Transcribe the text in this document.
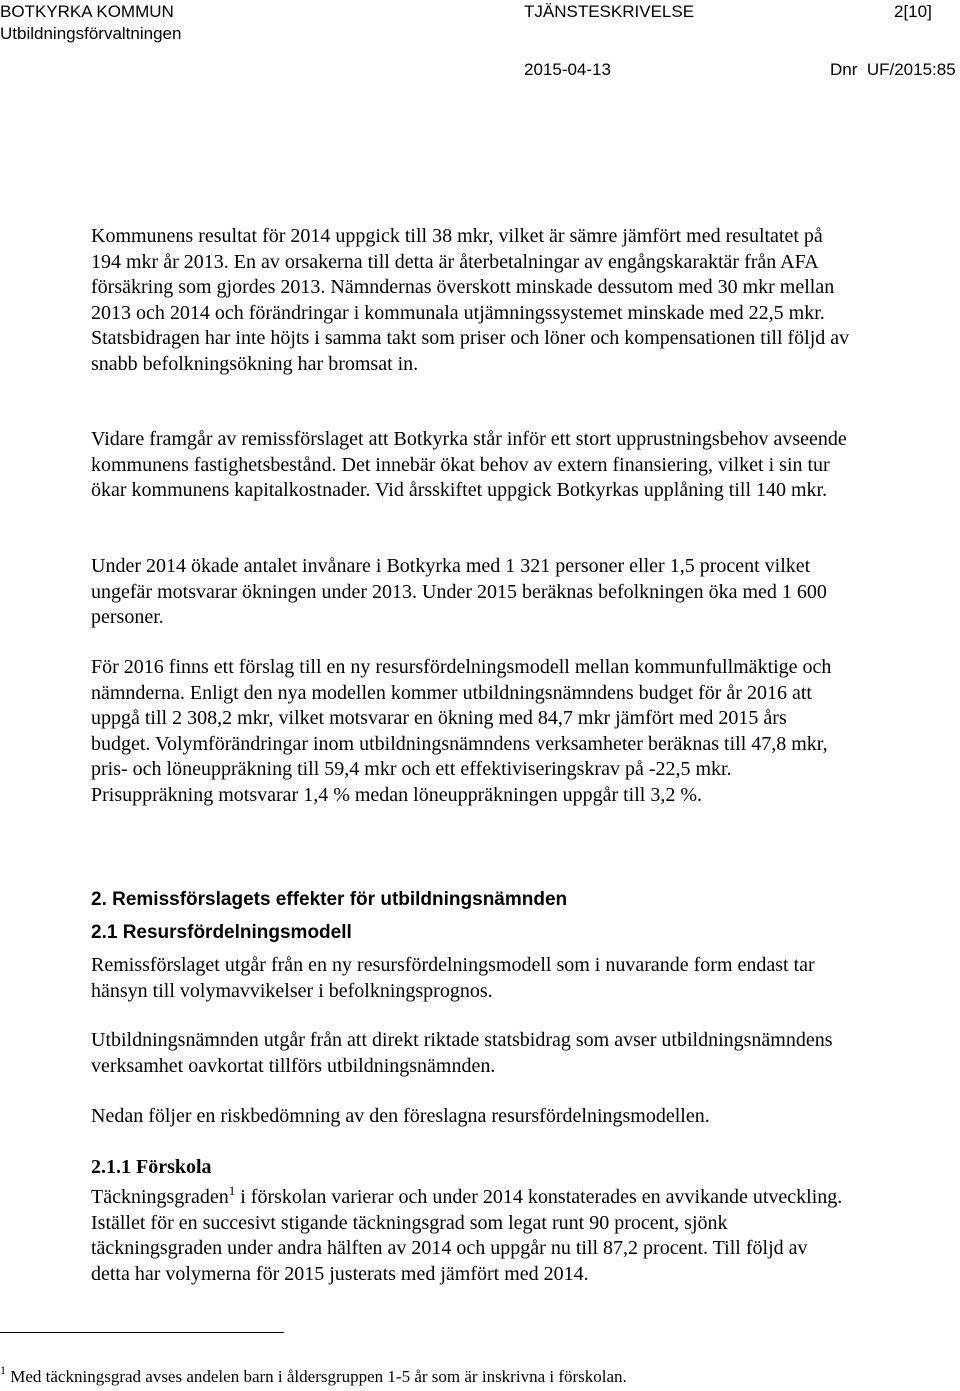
BOTKYRKA KOMMUN
Utbildningsförvaltningen
TJÄNSTESKRIVELSE	2[10]
2015-04-13	Dnr  UF/2015:85

Kommunens resultat för 2014 uppgick till 38 mkr, vilket är sämre jämfört med resultatet på 194 mkr år 2013. En av orsakerna till detta är återbetalningar av engångskaraktär från AFA försäkring som gjordes 2013. Nämndernas överskott minskade dessutom med 30 mkr mellan 2013 och 2014 och förändringar i kommunala utjämningssystemet minskade med 22,5 mkr. Statsbidragen har inte höjts i samma takt som priser och löner och kompensationen till följd av snabb befolkningsökning har bromsat in.

Vidare framgår av remissförslaget att Botkyrka står inför ett stort upprustningsbehov avseende kommunens fastighetsbestånd. Det innebär ökat behov av extern finansiering, vilket i sin tur ökar kommunens kapitalkostnader. Vid årsskiftet uppgick Botkyrkas upplåning till 140 mkr.

Under 2014 ökade antalet invånare i Botkyrka med 1 321 personer eller 1,5 procent vilket ungefär motsvarar ökningen under 2013. Under 2015 beräknas befolkningen öka med 1 600 personer.

För 2016 finns ett förslag till en ny resursfördelningsmodell mellan kommunfullmäktige och nämnderna. Enligt den nya modellen kommer utbildningsnämndens budget för år 2016 att uppgå till 2 308,2 mkr, vilket motsvarar en ökning med 84,7 mkr jämfört med 2015 års budget. Volymförändringar inom utbildningsnämndens verksamheter beräknas till 47,8 mkr, pris- och löneuppräkning till 59,4 mkr och ett effektiviseringskrav på -22,5 mkr. Prisuppräkning motsvarar 1,4 % medan löneuppräkningen uppgår till 3,2 %.

2. Remissförslagets effekter för utbildningsnämnden
2.1 Resursfördelningsmodell

Remissförslaget utgår från en ny resursfördelningsmodell som i nuvarande form endast tar hänsyn till volymavvikelser i befolkningsprognos.

Utbildningsnämnden utgår från att direkt riktade statsbidrag som avser utbildningsnämndens verksamhet oavkortat tillförs utbildningsnämnden.

Nedan följer en riskbedömning av den föreslagna resursfördelningsmodellen.

2.1.1 Förskola

Täckningsgraden$^1$ i förskolan varierar och under 2014 konstaterades en avvikande utveckling. Istället för en succesivt stigande täckningsgrad som legat runt 90 procent, sjönk täckningsgraden under andra hälften av 2014 och uppgår nu till 87,2 procent. Till följd av detta har volymerna för 2015 justerats med jämfört med 2014.

$^1$ Med täckningsgrad avses andelen barn i åldersgruppen 1-5 år som är inskrivna i förskolan.
